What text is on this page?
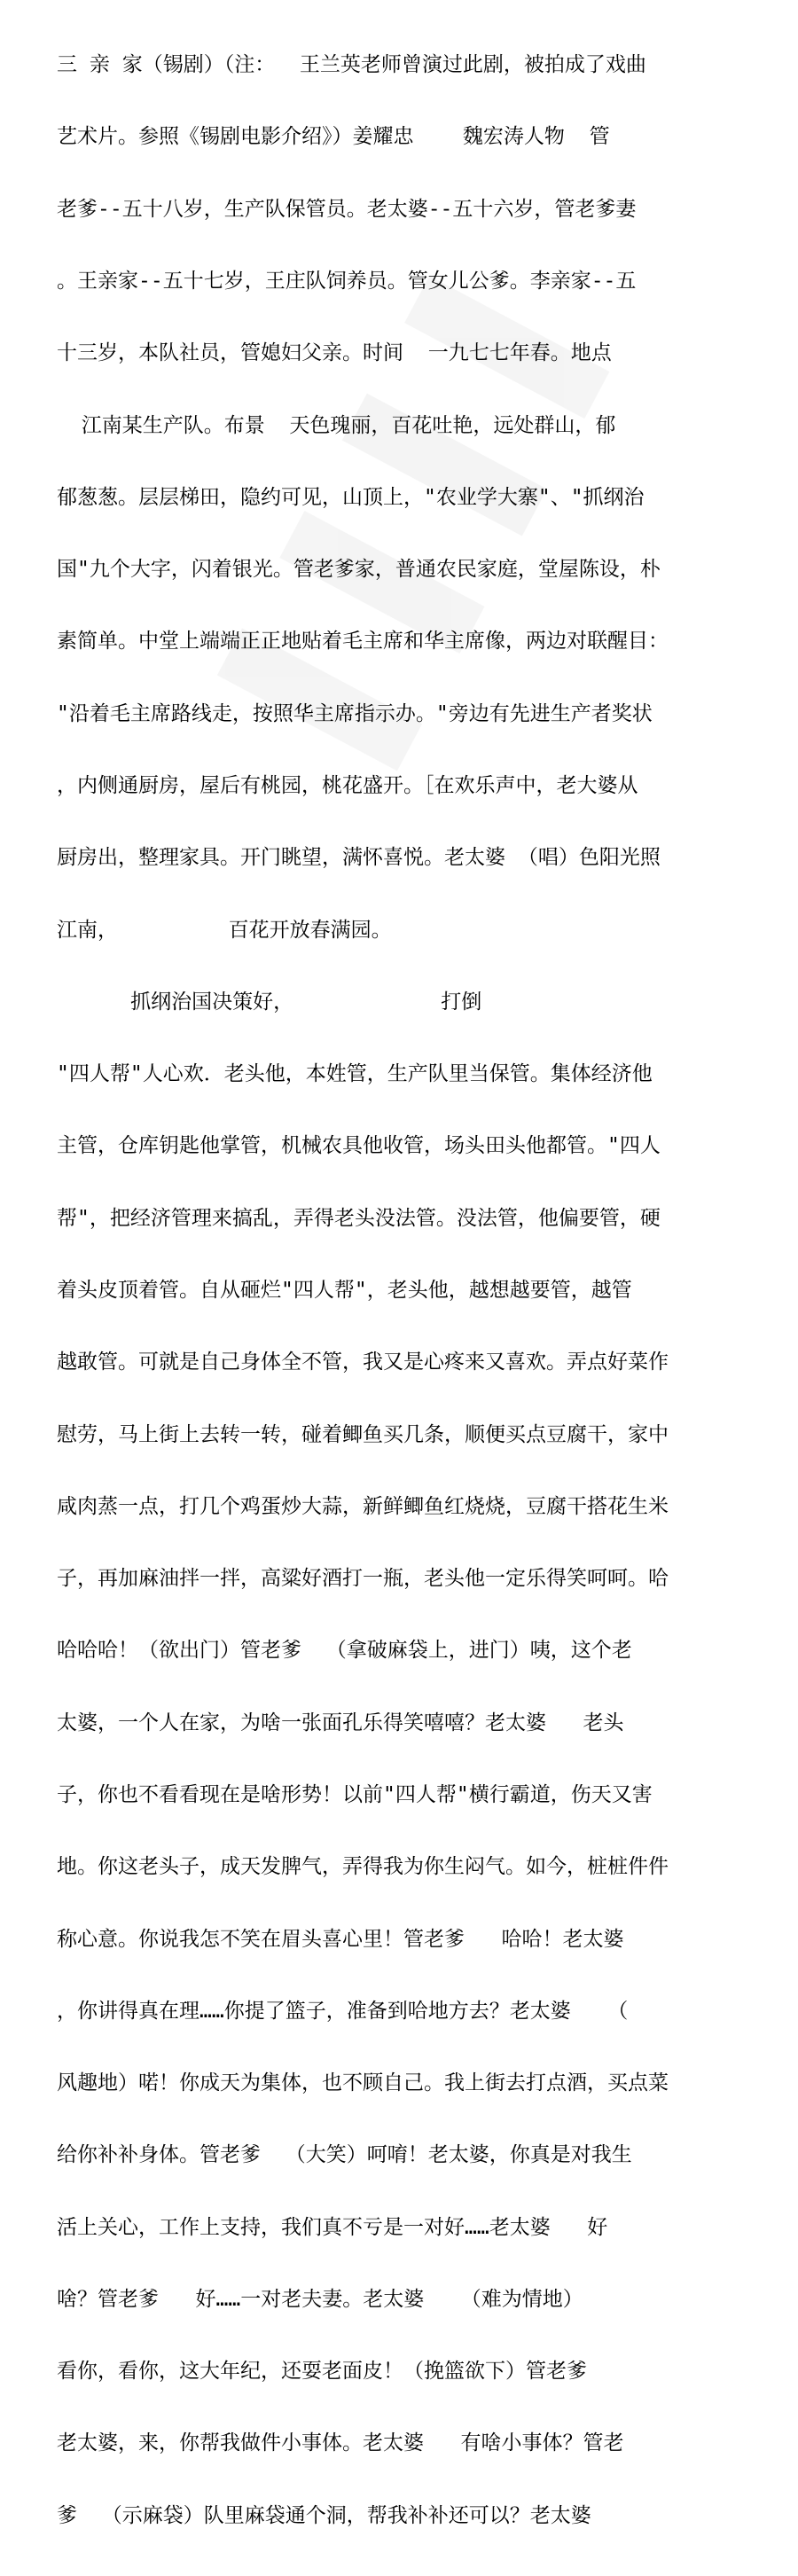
三 亲 家（锡剧）（注：  王兰英老师曾演过此剧，被拍成了戏曲

艺术片。参照《锡剧电影介绍》）姜耀忠    魏宏涛人物  管

老爹--五十八岁，生产队保管员。老太婆--五十六岁，管老爹妻

。王亲家--五十七岁，王庄队饲养员。管女儿公爹。李亲家--五

十三岁，本队社员，管媳妇父亲。时间  一九七七年春。地点

江南某生产队。布景  天色瑰丽，百花吐艳，远处群山，郁

郁葱葱。层层梯田，隐约可见，山顶上，"农业学大寨"、"抓纲治

国"九个大字，闪着银光。管老爹家，普通农民家庭，堂屋陈设，朴

素简单。中堂上端端正正地贴着毛主席和华主席像，两边对联醒目：

"沿着毛主席路线走，按照华主席指示办。"旁边有先进生产者奖状

，内侧通厨房，屋后有桃园，桃花盛开。［在欢乐声中，老大婆从

厨房出，整理家具。开门眺望，满怀喜悦。老太婆 （唱）色阳光照

江南，         百花开放春满园。

抓纲治国决策好，            打倒

"四人帮"人心欢．老头他，本姓管，生产队里当保管。集体经济他

主管，仓库钥匙他掌管，机械农具他收管，场头田头他都管。"四人

帮"，把经济管理来搞乱，弄得老头没法管。没法管，他偏要管，硬

着头皮顶着管。自从砸烂"四人帮"，老头他，越想越要管，越管

越敢管。可就是自己身体全不管，我又是心疼来又喜欢。弄点好菜作

慰劳，马上街上去转一转，碰着鲫鱼买几条，顺便买点豆腐干，家中

咸肉蒸一点，打几个鸡蛋炒大蒜，新鲜鲫鱼红烧烧，豆腐干搭花生米

子，再加麻油拌一拌，高粱好酒打一瓶，老头他一定乐得笑呵呵。哈

哈哈哈！（欲出门）管老爹  （拿破麻袋上，进门）咦，这个老

太婆，一个人在家，为啥一张面孔乐得笑嘻嘻？老太婆   老头

子，你也不看看现在是啥形势！以前"四人帮"横行霸道，伤天又害

地。你这老头子，成天发脾气，弄得我为你生闷气。如今，桩桩件件

称心意。你说我怎不笑在眉头喜心里！管老爹   哈哈！老太婆

，你讲得真在理……你提了篮子，准备到哈地方去？老太婆   （

风趣地）喏！你成天为集体，也不顾自己。我上街去打点酒，买点菜

给你补补身体。管老爹  （大笑）呵唷！老太婆，你真是对我生

活上关心，工作上支持，我们真不亏是一对好……老太婆   好

啥？管老爹   好……一对老夫妻。老太婆   （难为情地）

看你，看你，这大年纪，还耍老面皮！（挽篮欲下）管老爹

老太婆，来，你帮我做件小事体。老太婆   有啥小事体？管老

爹  （示麻袋）队里麻袋通个洞，帮我补补还可以？老太婆
